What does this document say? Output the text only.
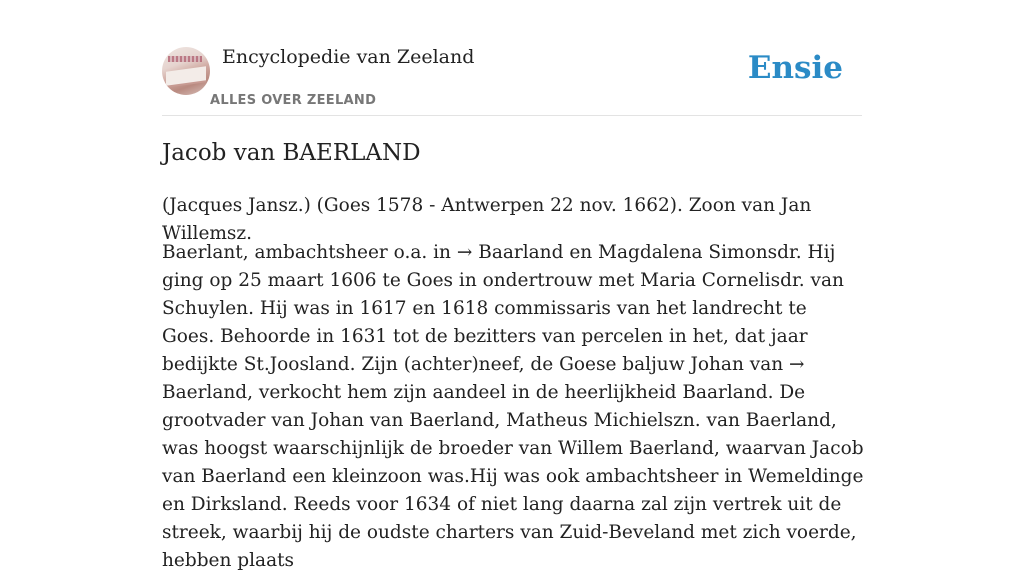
Encyclopedie van Zeeland
ALLES OVER ZEELAND
Ensie
Jacob van BAERLAND

(Jacques Jansz.) (Goes 1578 - Antwerpen 22 nov. 1662). Zoon van Jan Willemsz.

Baerlant, ambachtsheer o.a. in → Baarland en Magdalena Simonsdr. Hij ging op 25 maart 1606 te Goes in ondertrouw met Maria Cornelisdr. van Schuylen. Hij was in 1617 en 1618 commissaris van het landrecht te Goes. Behoorde in 1631 tot de bezitters van percelen in het, dat jaar bedijkte St.Joosland. Zijn (achter)neef, de Goese baljuw Johan van → Baerland, verkocht hem zijn aandeel in de heerlijkheid Baarland. De grootvader van Johan van Baerland, Matheus Michielszn. van Baerland, was hoogst waarschijnlijk de broeder van Willem Baerland, waarvan Jacob van Baerland een kleinzoon was.Hij was ook ambachtsheer in Wemeldinge en Dirksland. Reeds voor 1634 of niet lang daarna zal zijn vertrek uit de streek, waarbij hij de oudste charters van Zuid-Beveland met zich voerde, hebben plaats
